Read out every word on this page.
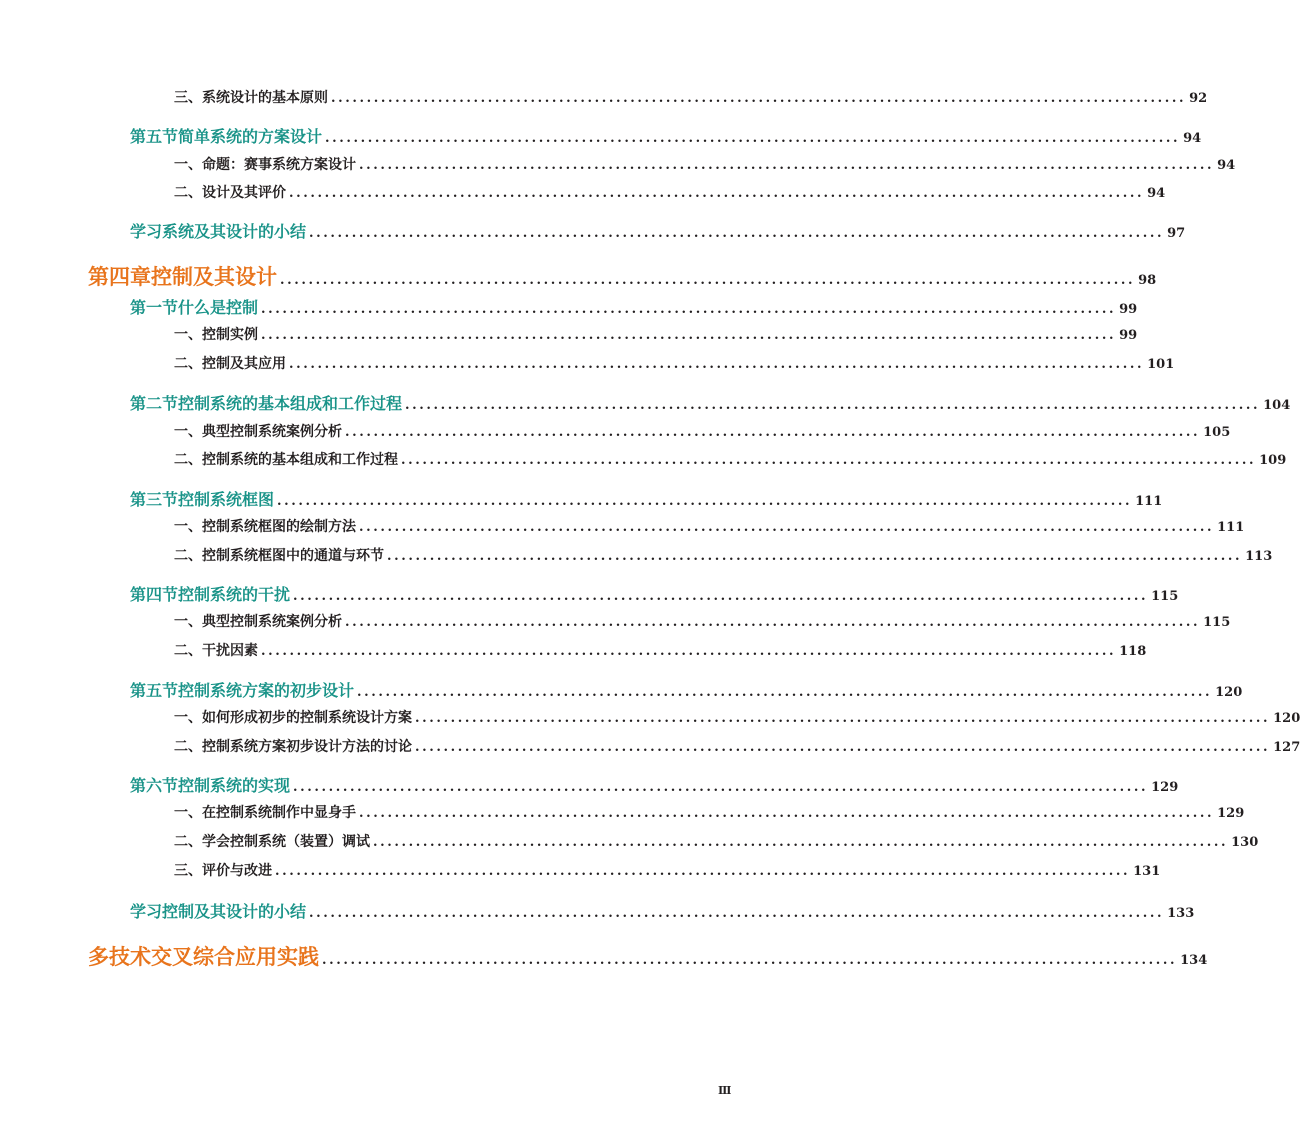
三、系统设计的基本原则 ........................................................................................................................ 92
第五节 简单系统的方案设计 ........................................................................................................................ 94
一、命题：赛事系统方案设计 ........................................................................................................................ 94
二、设计及其评价 ........................................................................................................................ 94
学习系统及其设计的小结 ........................................................................................................................ 97
第四章 控制及其设计 ........................................................................................................................ 98
第一节 什么是控制 ........................................................................................................................ 99
一、控制实例 ........................................................................................................................ 99
二、控制及其应用 ........................................................................................................................ 101
第二节 控制系统的基本组成和工作过程 ........................................................................................................................ 104
一、典型控制系统案例分析 ........................................................................................................................ 105
二、控制系统的基本组成和工作过程 ........................................................................................................................ 109
第三节 控制系统框图 ........................................................................................................................ 111
一、控制系统框图的绘制方法 ........................................................................................................................ 111
二、控制系统框图中的通道与环节 ........................................................................................................................ 113
第四节 控制系统的干扰 ........................................................................................................................ 115
一、典型控制系统案例分析 ........................................................................................................................ 115
二、干扰因素 ........................................................................................................................ 118
第五节 控制系统方案的初步设计 ........................................................................................................................ 120
一、如何形成初步的控制系统设计方案 ........................................................................................................................ 120
二、控制系统方案初步设计方法的讨论 ........................................................................................................................ 127
第六节 控制系统的实现 ........................................................................................................................ 129
一、在控制系统制作中显身手 ........................................................................................................................ 129
二、学会控制系统（装置）调试 ........................................................................................................................ 130
三、评价与改进 ........................................................................................................................ 131
学习控制及其设计的小结 ........................................................................................................................ 133
多技术交叉综合应用实践 ........................................................................................................................ 134
Ⅲ
